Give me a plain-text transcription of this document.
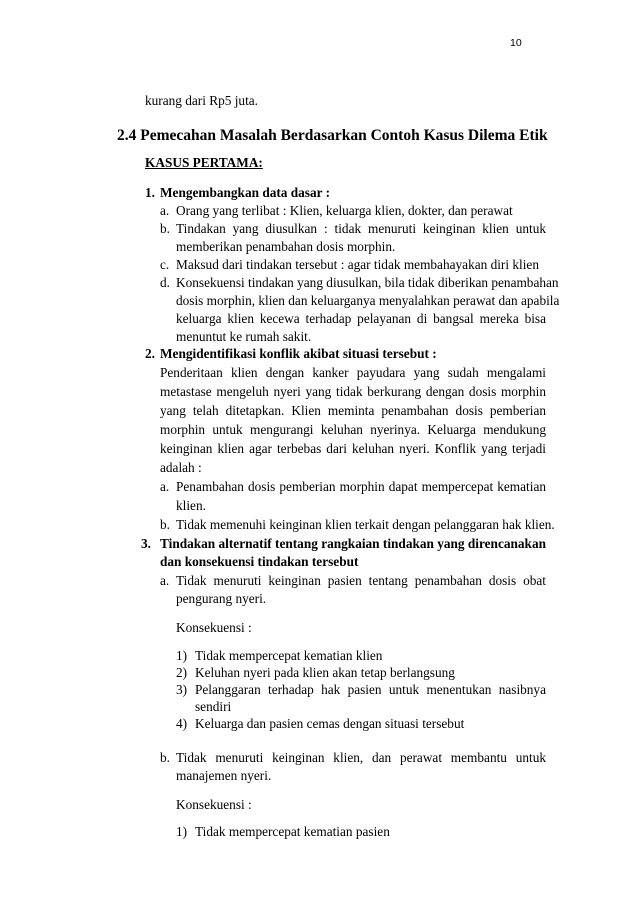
10
kurang dari Rp5 juta.
2.4 Pemecahan Masalah Berdasarkan Contoh Kasus Dilema Etik
KASUS PERTAMA:
1. Mengembangkan data dasar :
a. Orang yang terlibat : Klien, keluarga klien, dokter, dan perawat
b. Tindakan yang diusulkan : tidak menuruti keinginan klien untuk
memberikan penambahan dosis morphin.
c. Maksud dari tindakan tersebut : agar tidak membahayakan diri klien
d. Konsekuensi tindakan yang diusulkan, bila tidak diberikan penambahan
dosis morphin, klien dan keluarganya menyalahkan perawat dan apabila
keluarga klien kecewa terhadap pelayanan di bangsal mereka bisa
menuntut ke rumah sakit.
2. Mengidentifikasi konflik akibat situasi tersebut :
Penderitaan klien dengan kanker payudara yang sudah mengalami
metastase mengeluh nyeri yang tidak berkurang dengan dosis morphin
yang telah ditetapkan. Klien meminta penambahan dosis pemberian
morphin untuk mengurangi keluhan nyerinya. Keluarga mendukung
keinginan klien agar terbebas dari keluhan nyeri. Konflik yang terjadi
adalah :
a. Penambahan dosis pemberian morphin dapat mempercepat kematian
klien.
b. Tidak memenuhi keinginan klien terkait dengan pelanggaran hak klien.
3. Tindakan alternatif tentang rangkaian tindakan yang direncanakan
dan konsekuensi tindakan tersebut
a. Tidak menuruti keinginan pasien tentang penambahan dosis obat
pengurang nyeri.
Konsekuensi :
1) Tidak mempercepat kematian klien
2) Keluhan nyeri pada klien akan tetap berlangsung
3) Pelanggaran terhadap hak pasien untuk menentukan nasibnya
sendiri
4) Keluarga dan pasien cemas dengan situasi tersebut
b. Tidak menuruti keinginan klien, dan perawat membantu untuk
manajemen nyeri.
Konsekuensi :
1) Tidak mempercepat kematian pasien
